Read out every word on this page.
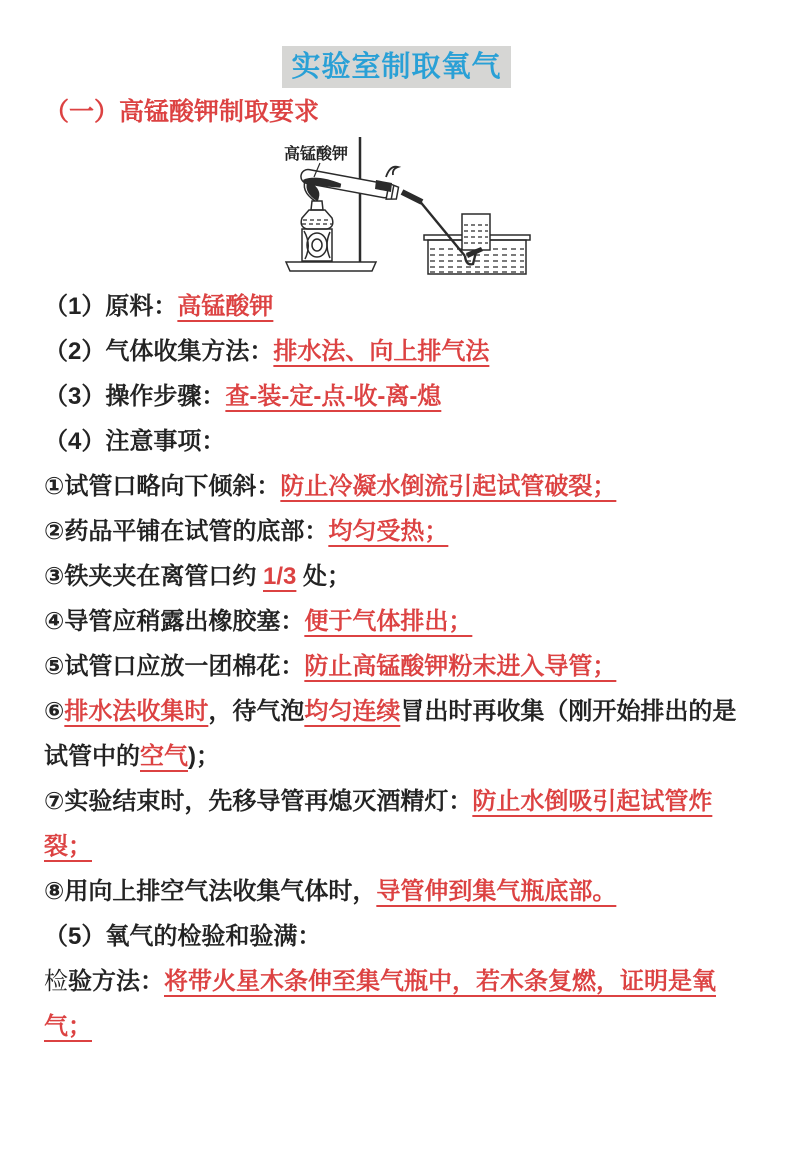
实验室制取氧气
（一）高锰酸钾制取要求
高锰酸钾

（1）原料：高锰酸钾

（2）气体收集方法：排水法、向上排气法

（3）操作步骤：查-装-定-点-收-离-熄

（4）注意事项：

①试管口略向下倾斜：防止冷凝水倒流引起试管破裂；

②药品平铺在试管的底部：均匀受热；

③铁夹夹在离管口约 1/3 处；

④导管应稍露出橡胶塞：便于气体排出；

⑤试管口应放一团棉花：防止高锰酸钾粉末进入导管；

⑥排水法收集时，待气泡均匀连续冒出时再收集（刚开始排出的是试管中的空气)；

⑦实验结束时，先移导管再熄灭酒精灯：防止水倒吸引起试管炸裂；

⑧用向上排空气法收集气体时，导管伸到集气瓶底部。

（5）氧气的检验和验满：

检验方法：将带火星木条伸至集气瓶中，若木条复燃，证明是氧气；
